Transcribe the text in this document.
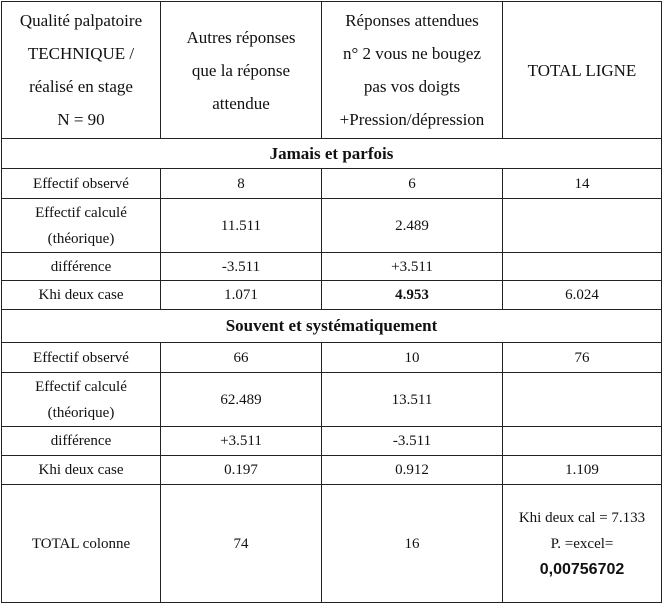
Qualité palpatoire
TECHNIQUE /
réalisé en stage
N = 90	Autres réponses
que la réponse
attendue	Réponses attendues
n° 2 vous ne bougez
pas vos doigts
+Pression/dépression	TOTAL LIGNE
Jamais et parfois			
Effectif observé	8	6	14

Effectif calculé
(théorique)	11.511	2.489	
différence	-3.511	+3.511	
Khi deux case	1.071	4.953	6.024
Souvent et systématiquement			
Effectif observé	66	10	76

Effectif calculé
(théorique)	62.489	13.511	
différence	+3.511	-3.511	
Khi deux case	0.197	0.912	1.109
TOTAL colonne	74	16	Khi deux cal = 7.133
P. =excel=
0,00756702
